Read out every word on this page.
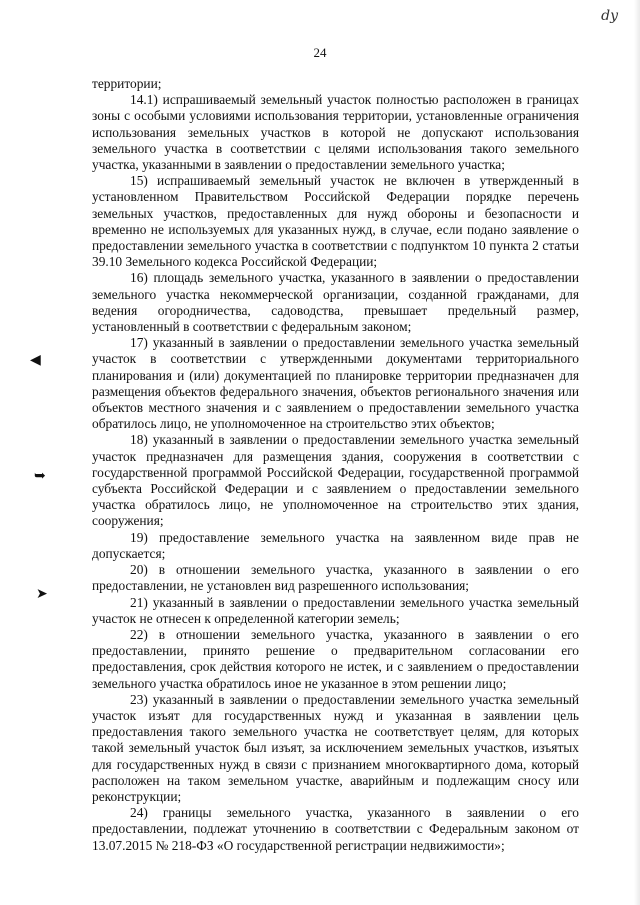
dy
24
◀
➥
➤

территории;

14.1) испрашиваемый земельный участок полностью расположен в границах зоны с особыми условиями использования территории, установленные ограничения использования земельных участков в которой не допускают использования земельного участка в соответствии с целями использования такого земельного участка, указанными в заявлении о предоставлении земельного участка;

15) испрашиваемый земельный участок не включен в утвержденный в установленном Правительством Российской Федерации порядке перечень земельных участков, предоставленных для нужд обороны и безопасности и временно не используемых для указанных нужд, в случае, если подано заявление о предоставлении земельного участка в соответствии с подпунктом 10 пункта 2 статьи 39.10 Земельного кодекса Российской Федерации;

16) площадь земельного участка, указанного в заявлении о предоставлении земельного участка некоммерческой организации, созданной гражданами, для ведения огородничества, садоводства, превышает предельный размер, установленный в соответствии с федеральным законом;

17) указанный в заявлении о предоставлении земельного участка земельный участок в соответствии с утвержденными документами территориального планирования и (или) документацией по планировке территории предназначен для размещения объектов федерального значения, объектов регионального значения или объектов местного значения и с заявлением о предоставлении земельного участка обратилось лицо, не уполномоченное на строительство этих объектов;

18) указанный в заявлении о предоставлении земельного участка земельный участок предназначен для размещения здания, сооружения в соответствии с государственной программой Российской Федерации, государственной программой субъекта Российской Федерации и с заявлением о предоставлении земельного участка обратилось лицо, не уполномоченное на строительство этих здания, сооружения;

19) предоставление земельного участка на заявленном виде прав не допускается;

20) в отношении земельного участка, указанного в заявлении о его предоставлении, не установлен вид разрешенного использования;

21) указанный в заявлении о предоставлении земельного участка земельный участок не отнесен к определенной категории земель;

22) в отношении земельного участка, указанного в заявлении о его предоставлении, принято решение о предварительном согласовании его предоставления, срок действия которого не истек, и с заявлением о предоставлении земельного участка обратилось иное не указанное в этом решении лицо;

23) указанный в заявлении о предоставлении земельного участка земельный участок изъят для государственных нужд и указанная в заявлении цель предоставления такого земельного участка не соответствует целям, для которых такой земельный участок был изъят, за исключением земельных участков, изъятых для государственных нужд в связи с признанием многоквартирного дома, который расположен на таком земельном участке, аварийным и подлежащим сносу или реконструкции;

24) границы земельного участка, указанного в заявлении о его предоставлении, подлежат уточнению в соответствии с Федеральным законом от 13.07.2015 № 218-ФЗ «О государственной регистрации недвижимости»;
